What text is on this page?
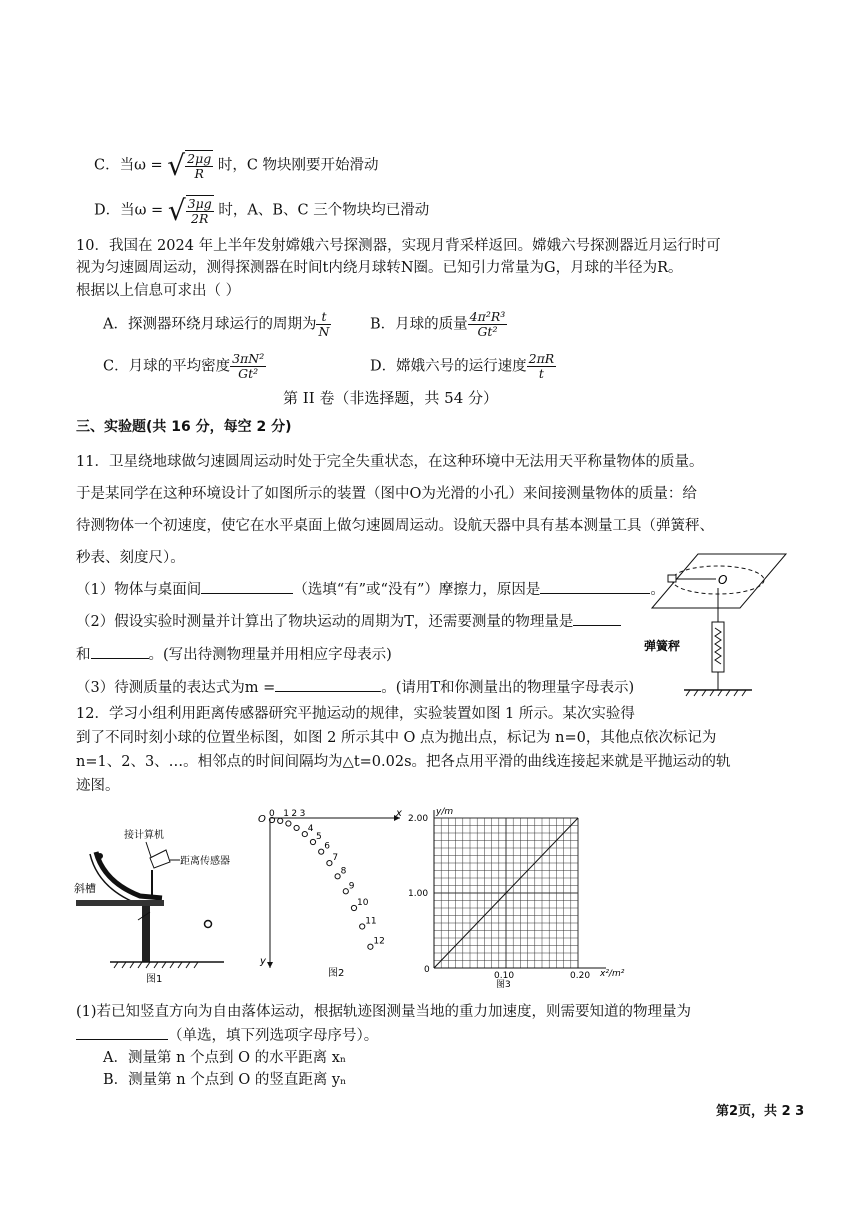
C．当ω = √ $\frac{2\mu g}{R}$ 时，C 物块刚要开始滑动
D．当ω = √ $\frac{3\mu g}{2R}$ 时，A、B、C 三个物块均已滑动
10．我国在 2024 年上半年发射嫦娥六号探测器，实现月背采样返回。嫦娥六号探测器近月运行时可
视为匀速圆周运动，测得探测器在时间t内绕月球转N圈。已知引力常量为G，月球的半径为R。
根据以上信息可求出（ ）
A．探测器环绕月球运行的周期为 $\frac{t}{N}$	B．月球的质量 $\frac{\text{4π²R³}}{\text{Gt²}}$
C．月球的平均密度 $\frac{\text{3πN²}}{\text{Gt²}}$	D．嫦娥六号的运行速度 $\frac{2\pi R}{t}$
第 II 卷（非选择题，共 54 分）
三、实验题(共 16 分，每空 2 分)
11．卫星绕地球做匀速圆周运动时处于完全失重状态，在这种环境中无法用天平称量物体的质量。
于是某同学在这种环境设计了如图所示的装置（图中O为光滑的小孔）来间接测量物体的质量：给
待测物体一个初速度，使它在水平桌面上做匀速圆周运动。设航天器中具有基本测量工具（弹簧秤、
秒表、刻度尺）。
（1）物体与桌面间	（选填“有”或“没有”）摩擦力，原因是	。
（2）假设实验时测量并计算出了物块运动的周期为T，还需要测量的物理量是
和	。(写出待测物理量并用相应字母表示)
（3）待测质量的表达式为m =	。(请用T和你测量出的物理量字母表示)
O
弹簧秤
12．学习小组利用距离传感器研究平抛运动的规律，实验装置如图 1 所示。某次实验得
到了不同时刻小球的位置坐标图，如图 2 所示其中 O 点为抛出点，标记为 n=0，其他点依次标记为
n=1、2、3、…。相邻点的时间间隔均为△t=0.02s。把各点用平滑的曲线连接起来就是平抛运动的轨
迹图。
接计算机
距离传感器
斜槽
图1
O
x
y
0 1 2 3
4
5
6
7
8
9
10
11
12
图2
y/m
x²/m²
2.00
1.00
0
0.10	0.20
图3
(1)若已知竖直方向为自由落体运动，根据轨迹图测量当地的重力加速度，则需要知道的物理量为
（单选，填下列选项字母序号）。
A．测量第 n 个点到 O 的水平距离 xₙ
B．测量第 n 个点到 O 的竖直距离 yₙ
第2页，共 2 3
